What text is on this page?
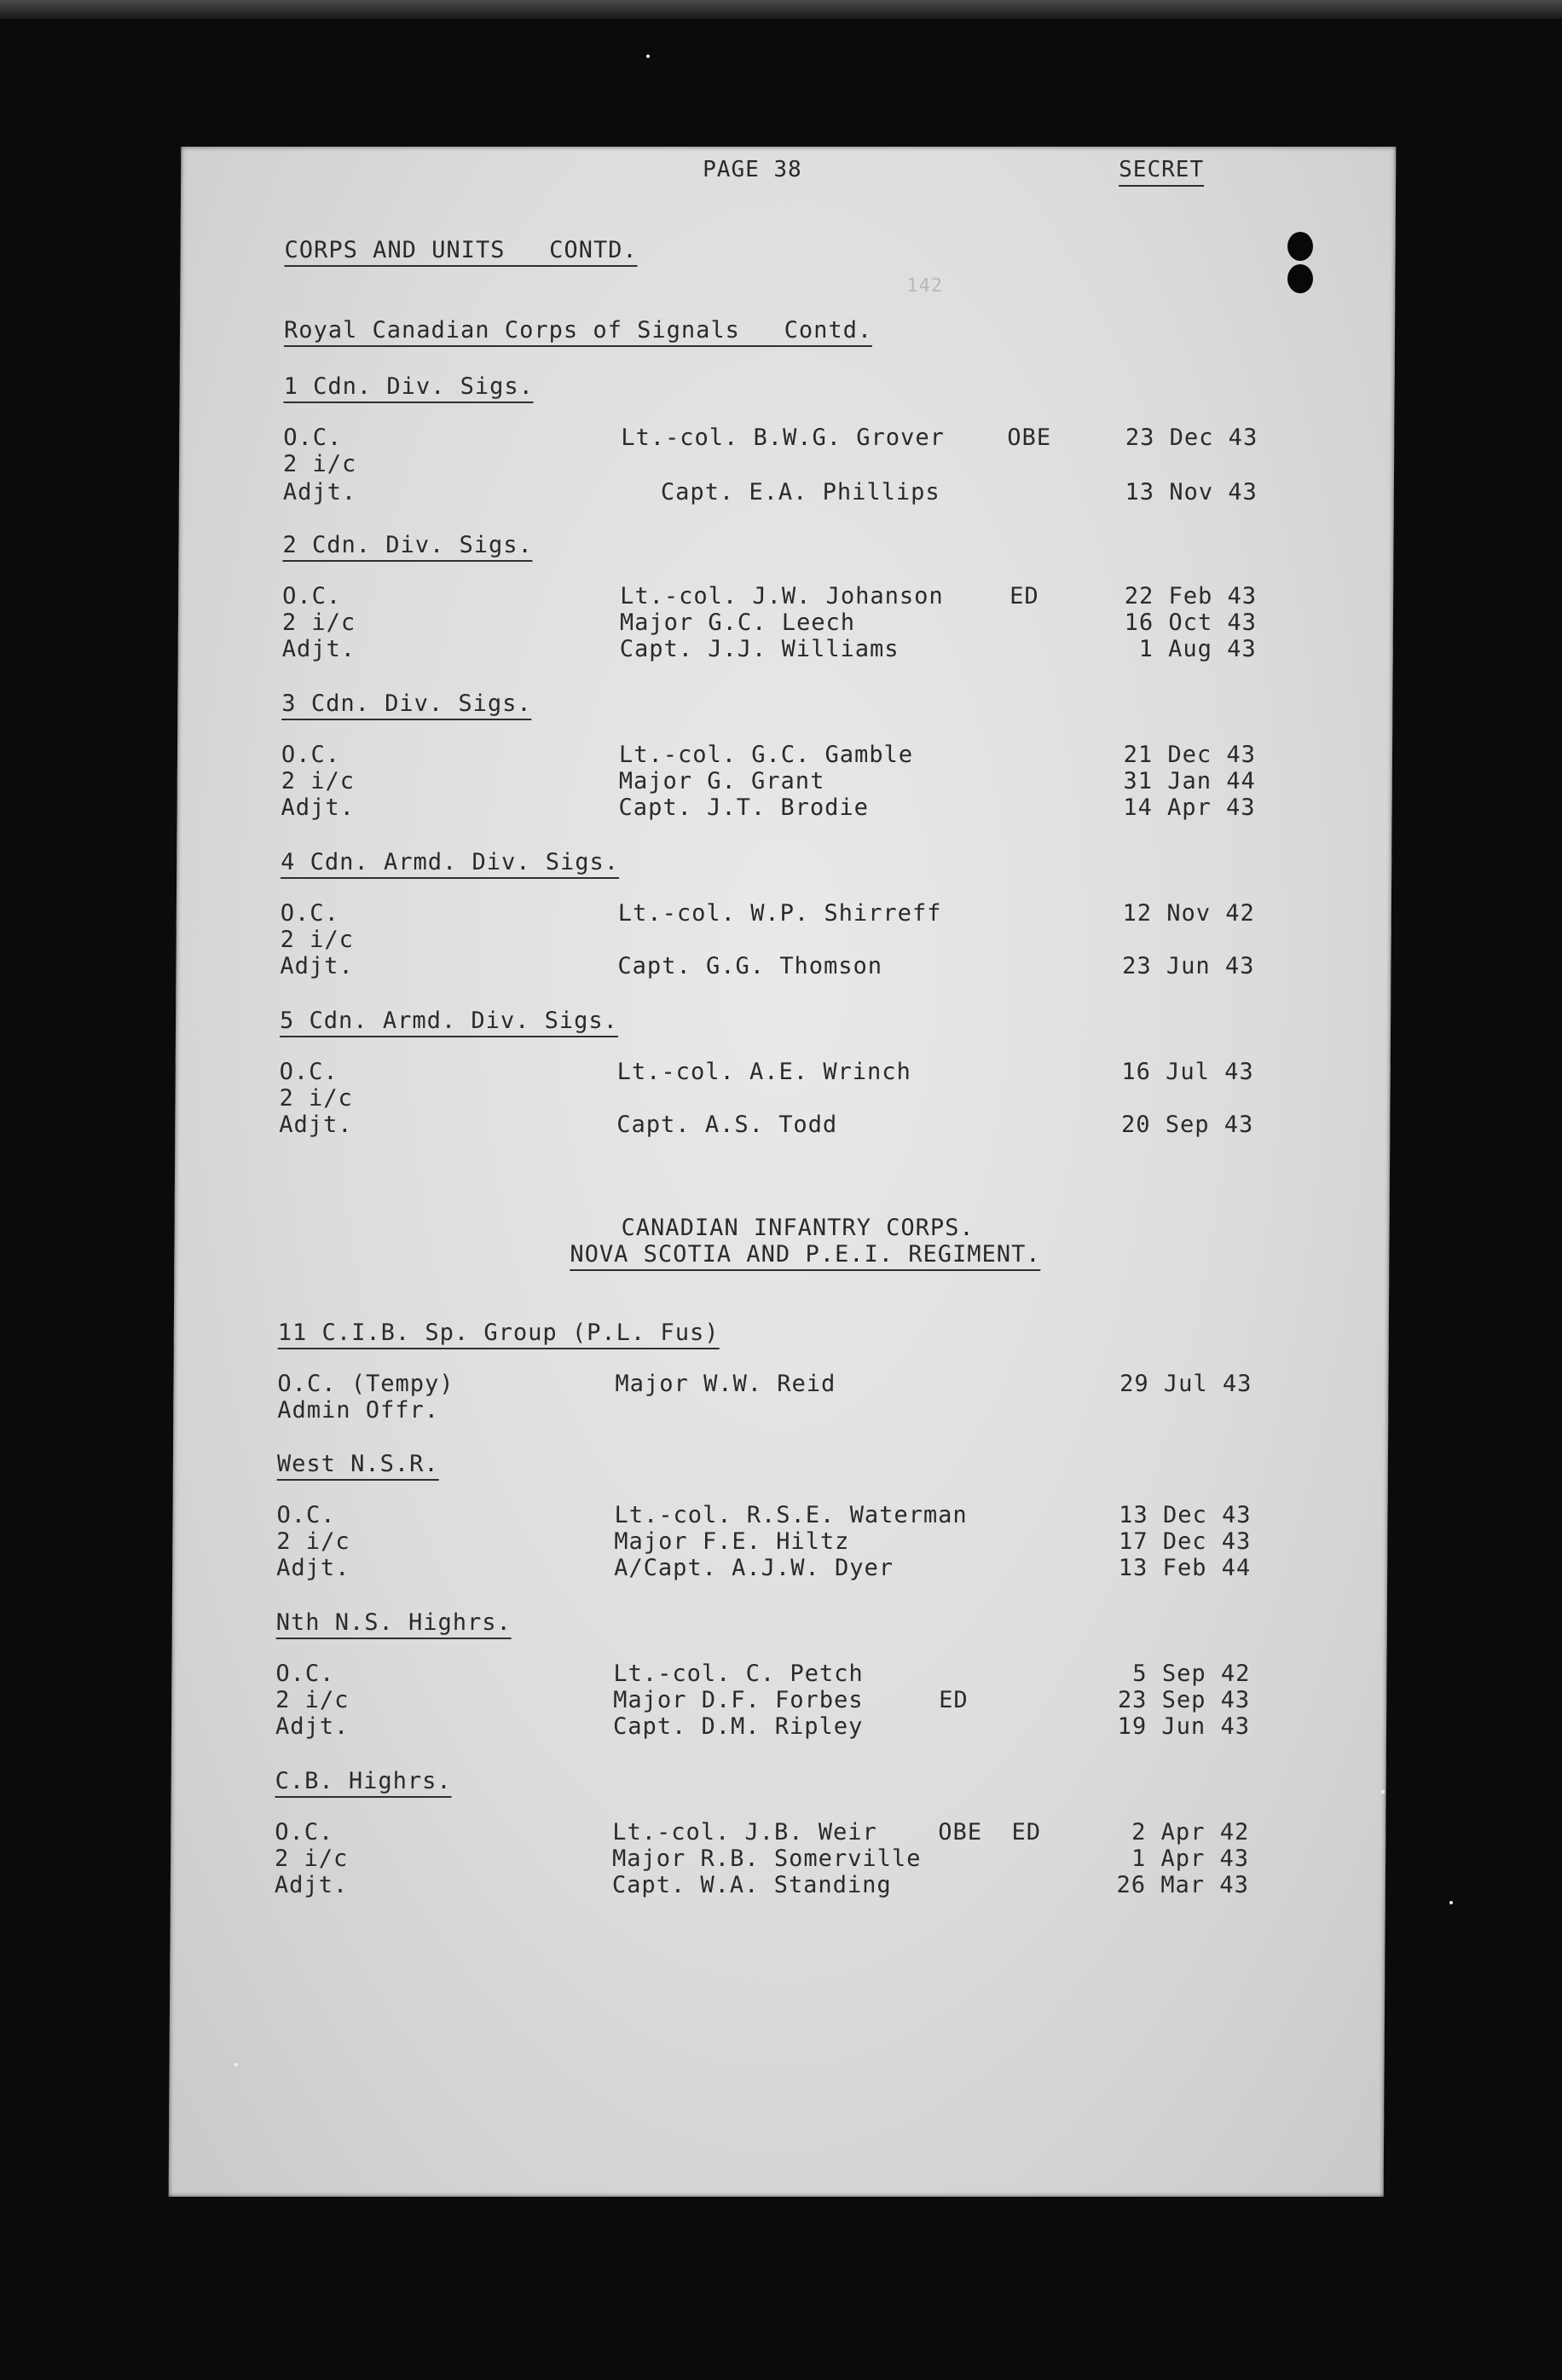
PAGE 38	SECRET
CORPS AND UNITS   CONTD.
142
Royal Canadian Corps of Signals   Contd.
1 Cdn. Div. Sigs.
O.C.	Lt.-col. B.W.G. Grover	OBE	23 Dec 43
2 i/c
Adjt.	Capt. E.A. Phillips	13 Nov 43
2 Cdn. Div. Sigs.
O.C.	Lt.-col. J.W. Johanson	ED	22 Feb 43
2 i/c	Major G.C. Leech	16 Oct 43
Adjt.	Capt. J.J. Williams	1 Aug 43
3 Cdn. Div. Sigs.
O.C.	Lt.-col. G.C. Gamble	21 Dec 43
2 i/c	Major G. Grant	31 Jan 44
Adjt.	Capt. J.T. Brodie	14 Apr 43
4 Cdn. Armd. Div. Sigs.
O.C.	Lt.-col. W.P. Shirreff	12 Nov 42
2 i/c
Adjt.	Capt. G.G. Thomson	23 Jun 43
5 Cdn. Armd. Div. Sigs.
O.C.	Lt.-col. A.E. Wrinch	16 Jul 43
2 i/c
Adjt.	Capt. A.S. Todd	20 Sep 43
CANADIAN INFANTRY CORPS.
NOVA SCOTIA AND P.E.I. REGIMENT.
11 C.I.B. Sp. Group (P.L. Fus)
O.C. (Tempy)	Major W.W. Reid	29 Jul 43
Admin Offr.
West N.S.R.
O.C.	Lt.-col. R.S.E. Waterman	13 Dec 43
2 i/c	Major F.E. Hiltz	17 Dec 43
Adjt.	A/Capt. A.J.W. Dyer	13 Feb 44
Nth N.S. Highrs.
O.C.	Lt.-col. C. Petch	5 Sep 42
2 i/c	Major D.F. Forbes	ED	23 Sep 43
Adjt.	Capt. D.M. Ripley	19 Jun 43
C.B. Highrs.
O.C.	Lt.-col. J.B. Weir	OBE  ED	2 Apr 42
2 i/c	Major R.B. Somerville	1 Apr 43
Adjt.	Capt. W.A. Standing	26 Mar 43
